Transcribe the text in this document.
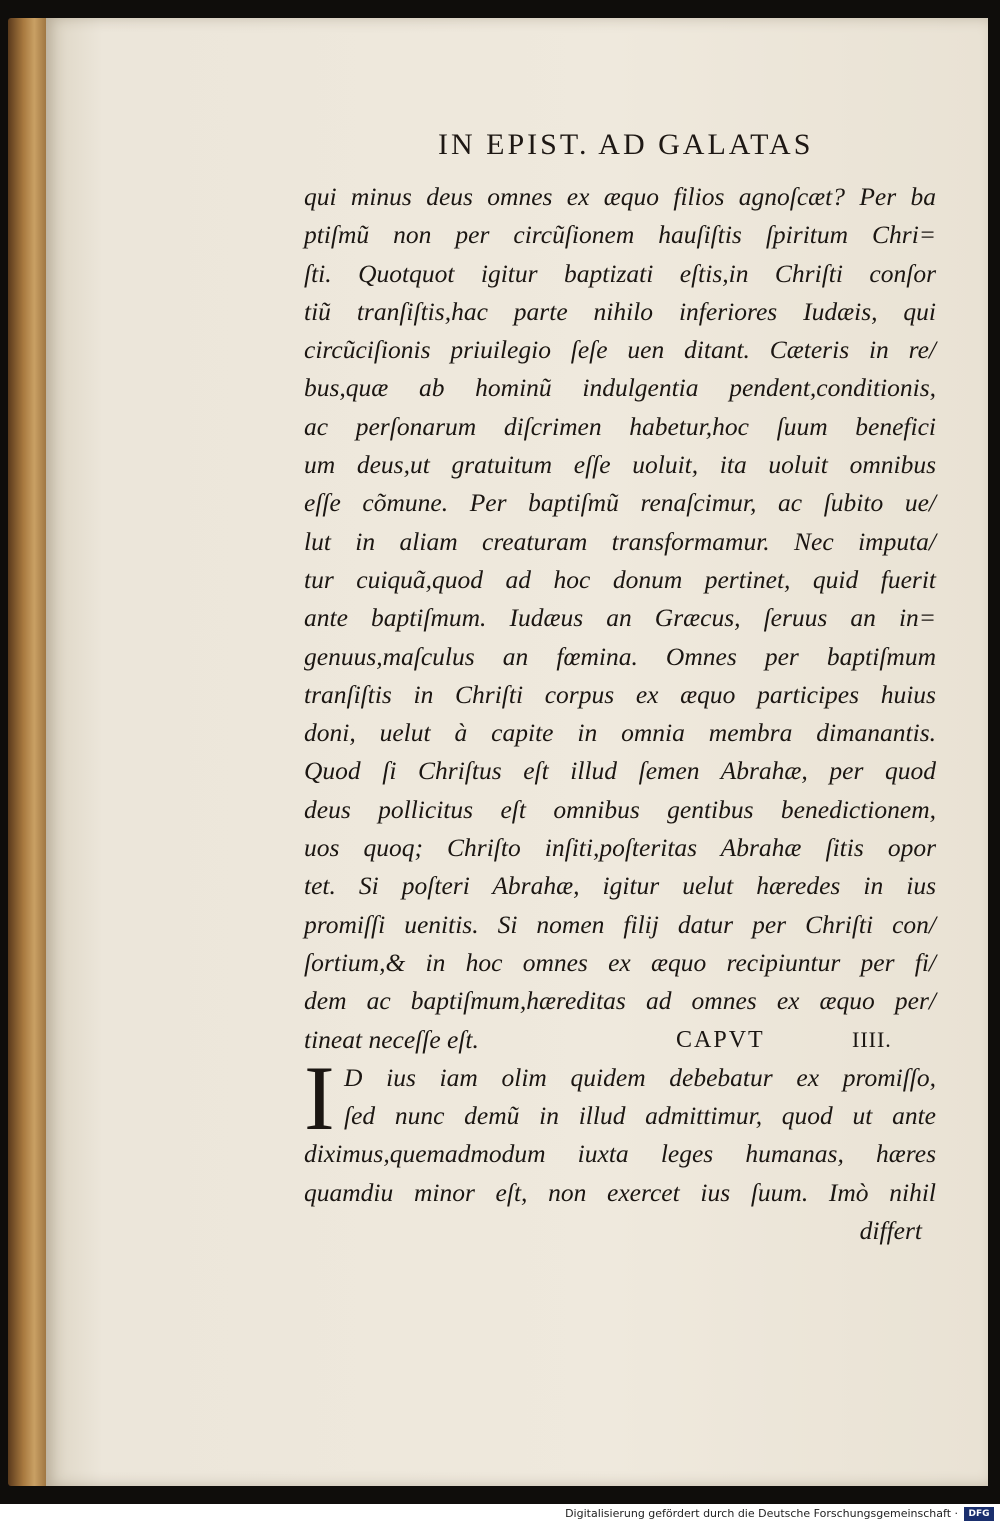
IN EPIST. AD GALATAS
I
qui minus deus omnes ex æquo filios agnoſcæt? Per ba
ptiſmũ non per circũſionem hauſiſtis ſpiritum Chri=
ſti. Quotquot igitur baptizati eſtis,in Chriſti conſor
tiũ tranſiſtis,hac parte nihilo inferiores Iudæis, qui
circũciſionis priuilegio ſeſe uen ditant. Cæteris in re/
bus,quæ ab hominũ indulgentia pendent,conditionis,
ac perſonarum diſcrimen habetur,hoc ſuum benefici
um deus,ut gratuitum eſſe uoluit, ita uoluit omnibus
eſſe cõmune. Per baptiſmũ renaſcimur, ac ſubito ue/
lut in aliam creaturam transformamur. Nec imputa/
tur cuiquã,quod ad hoc donum pertinet, quid fuerit
ante baptiſmum. Iudæus an Græcus, ſeruus an in=
genuus,maſculus an fœmina. Omnes per baptiſmum
tranſiſtis in Chriſti corpus ex æquo participes huius
doni, uelut à capite in omnia membra dimanantis.
Quod ſi Chriſtus eſt illud ſemen Abrahæ, per quod
deus pollicitus eſt omnibus gentibus benedictionem,
uos quoq; Chriſto inſiti,poſteritas Abrahæ ſitis opor
tet. Si poſteri Abrahæ, igitur uelut hæredes in ius
promiſſi uenitis. Si nomen filij datur per Chriſti con/
ſortium,& in hoc omnes ex æquo recipiuntur per fi/
dem ac baptiſmum,hæreditas ad omnes ex æquo per/
tineat neceſſe eſt.	CAPVT	IIII.
D ius iam olim quidem debebatur ex promiſſo,
ſed nunc demũ in illud admittimur, quod ut ante
diximus,quemadmodum iuxta leges humanas, hæres
quamdiu minor eſt, non exercet ius ſuum. Imò nihil
differt
Digitalisierung gefördert durch die Deutsche Forschungsgemeinschaft ·	DFG
